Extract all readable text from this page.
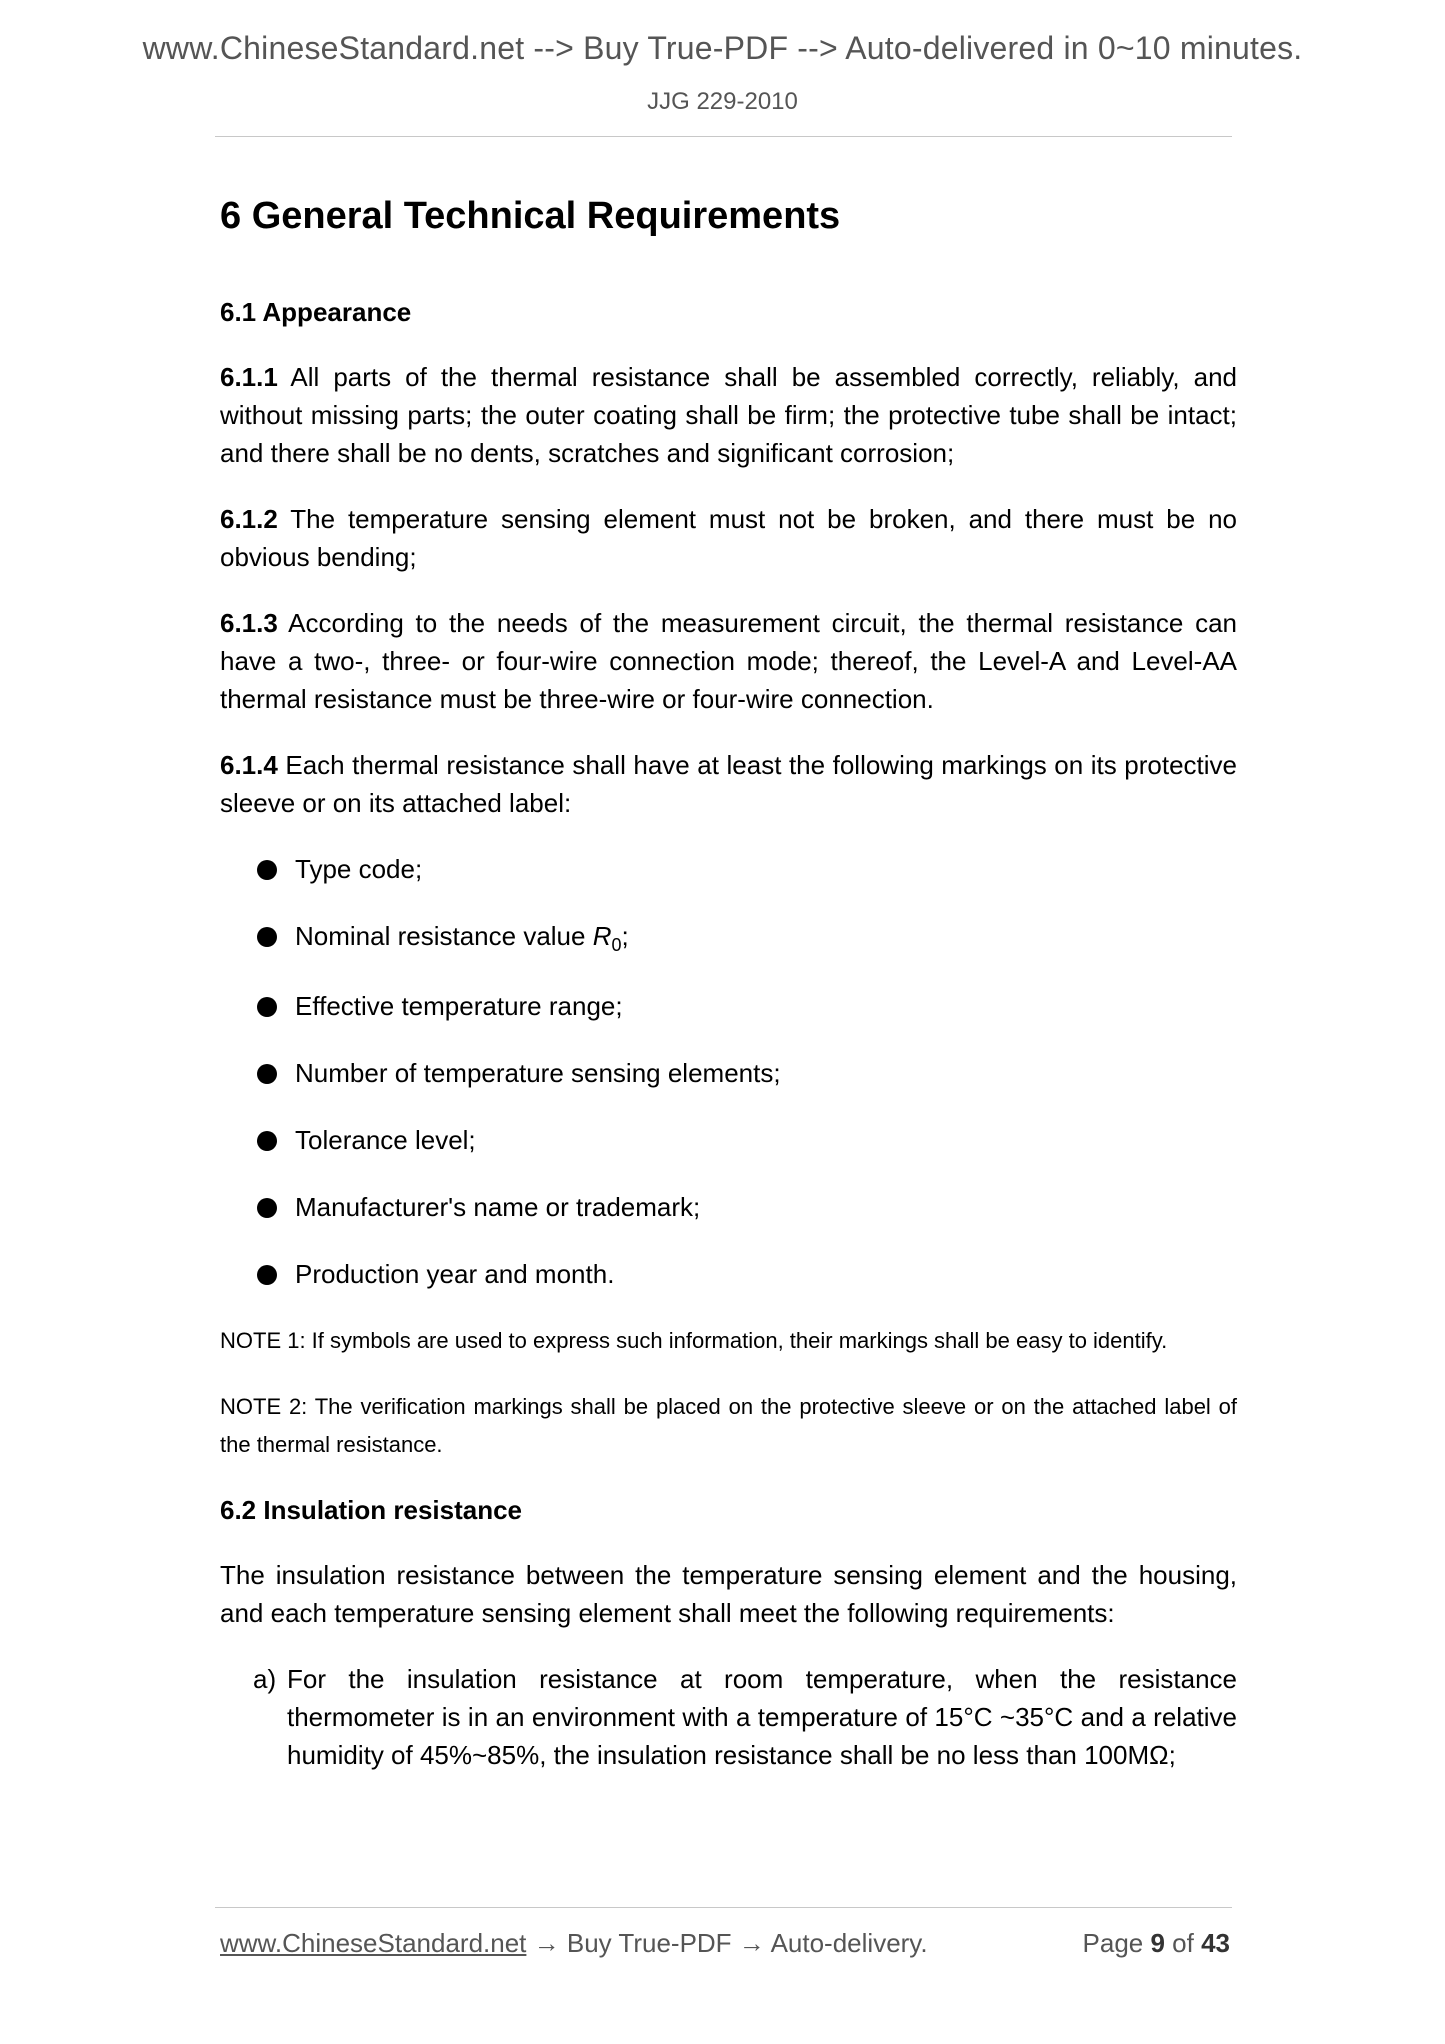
www.ChineseStandard.net --> Buy True-PDF --> Auto-delivered in 0~10 minutes.
JJG 229-2010
6 General Technical Requirements
6.1 Appearance

6.1.1 All parts of the thermal resistance shall be assembled correctly, reliably, and without missing parts; the outer coating shall be firm; the protective tube shall be intact; and there shall be no dents, scratches and significant corrosion;

6.1.2 The temperature sensing element must not be broken, and there must be no obvious bending;

6.1.3 According to the needs of the measurement circuit, the thermal resistance can have a two-, three- or four-wire connection mode; thereof, the Level-A and Level-AA thermal resistance must be three-wire or four-wire connection.

6.1.4 Each thermal resistance shall have at least the following markings on its protective sleeve or on its attached label:

Type code;
Nominal resistance value $R_0$;
Effective temperature range;
Number of temperature sensing elements;
Tolerance level;
Manufacturer's name or trademark;
Production year and month.

NOTE 1: If symbols are used to express such information, their markings shall be easy to identify.

NOTE 2: The verification markings shall be placed on the protective sleeve or on the attached label of the thermal resistance.

6.2 Insulation resistance

The insulation resistance between the temperature sensing element and the housing, and each temperature sensing element shall meet the following requirements:

a) For the insulation resistance at room temperature, when the resistance thermometer is in an environment with a temperature of 15°C ~35°C and a relative humidity of 45%~85%, the insulation resistance shall be no less than 100MΩ;
www.ChineseStandard.net → Buy True-PDF → Auto-delivery.	Page 9 of 43
